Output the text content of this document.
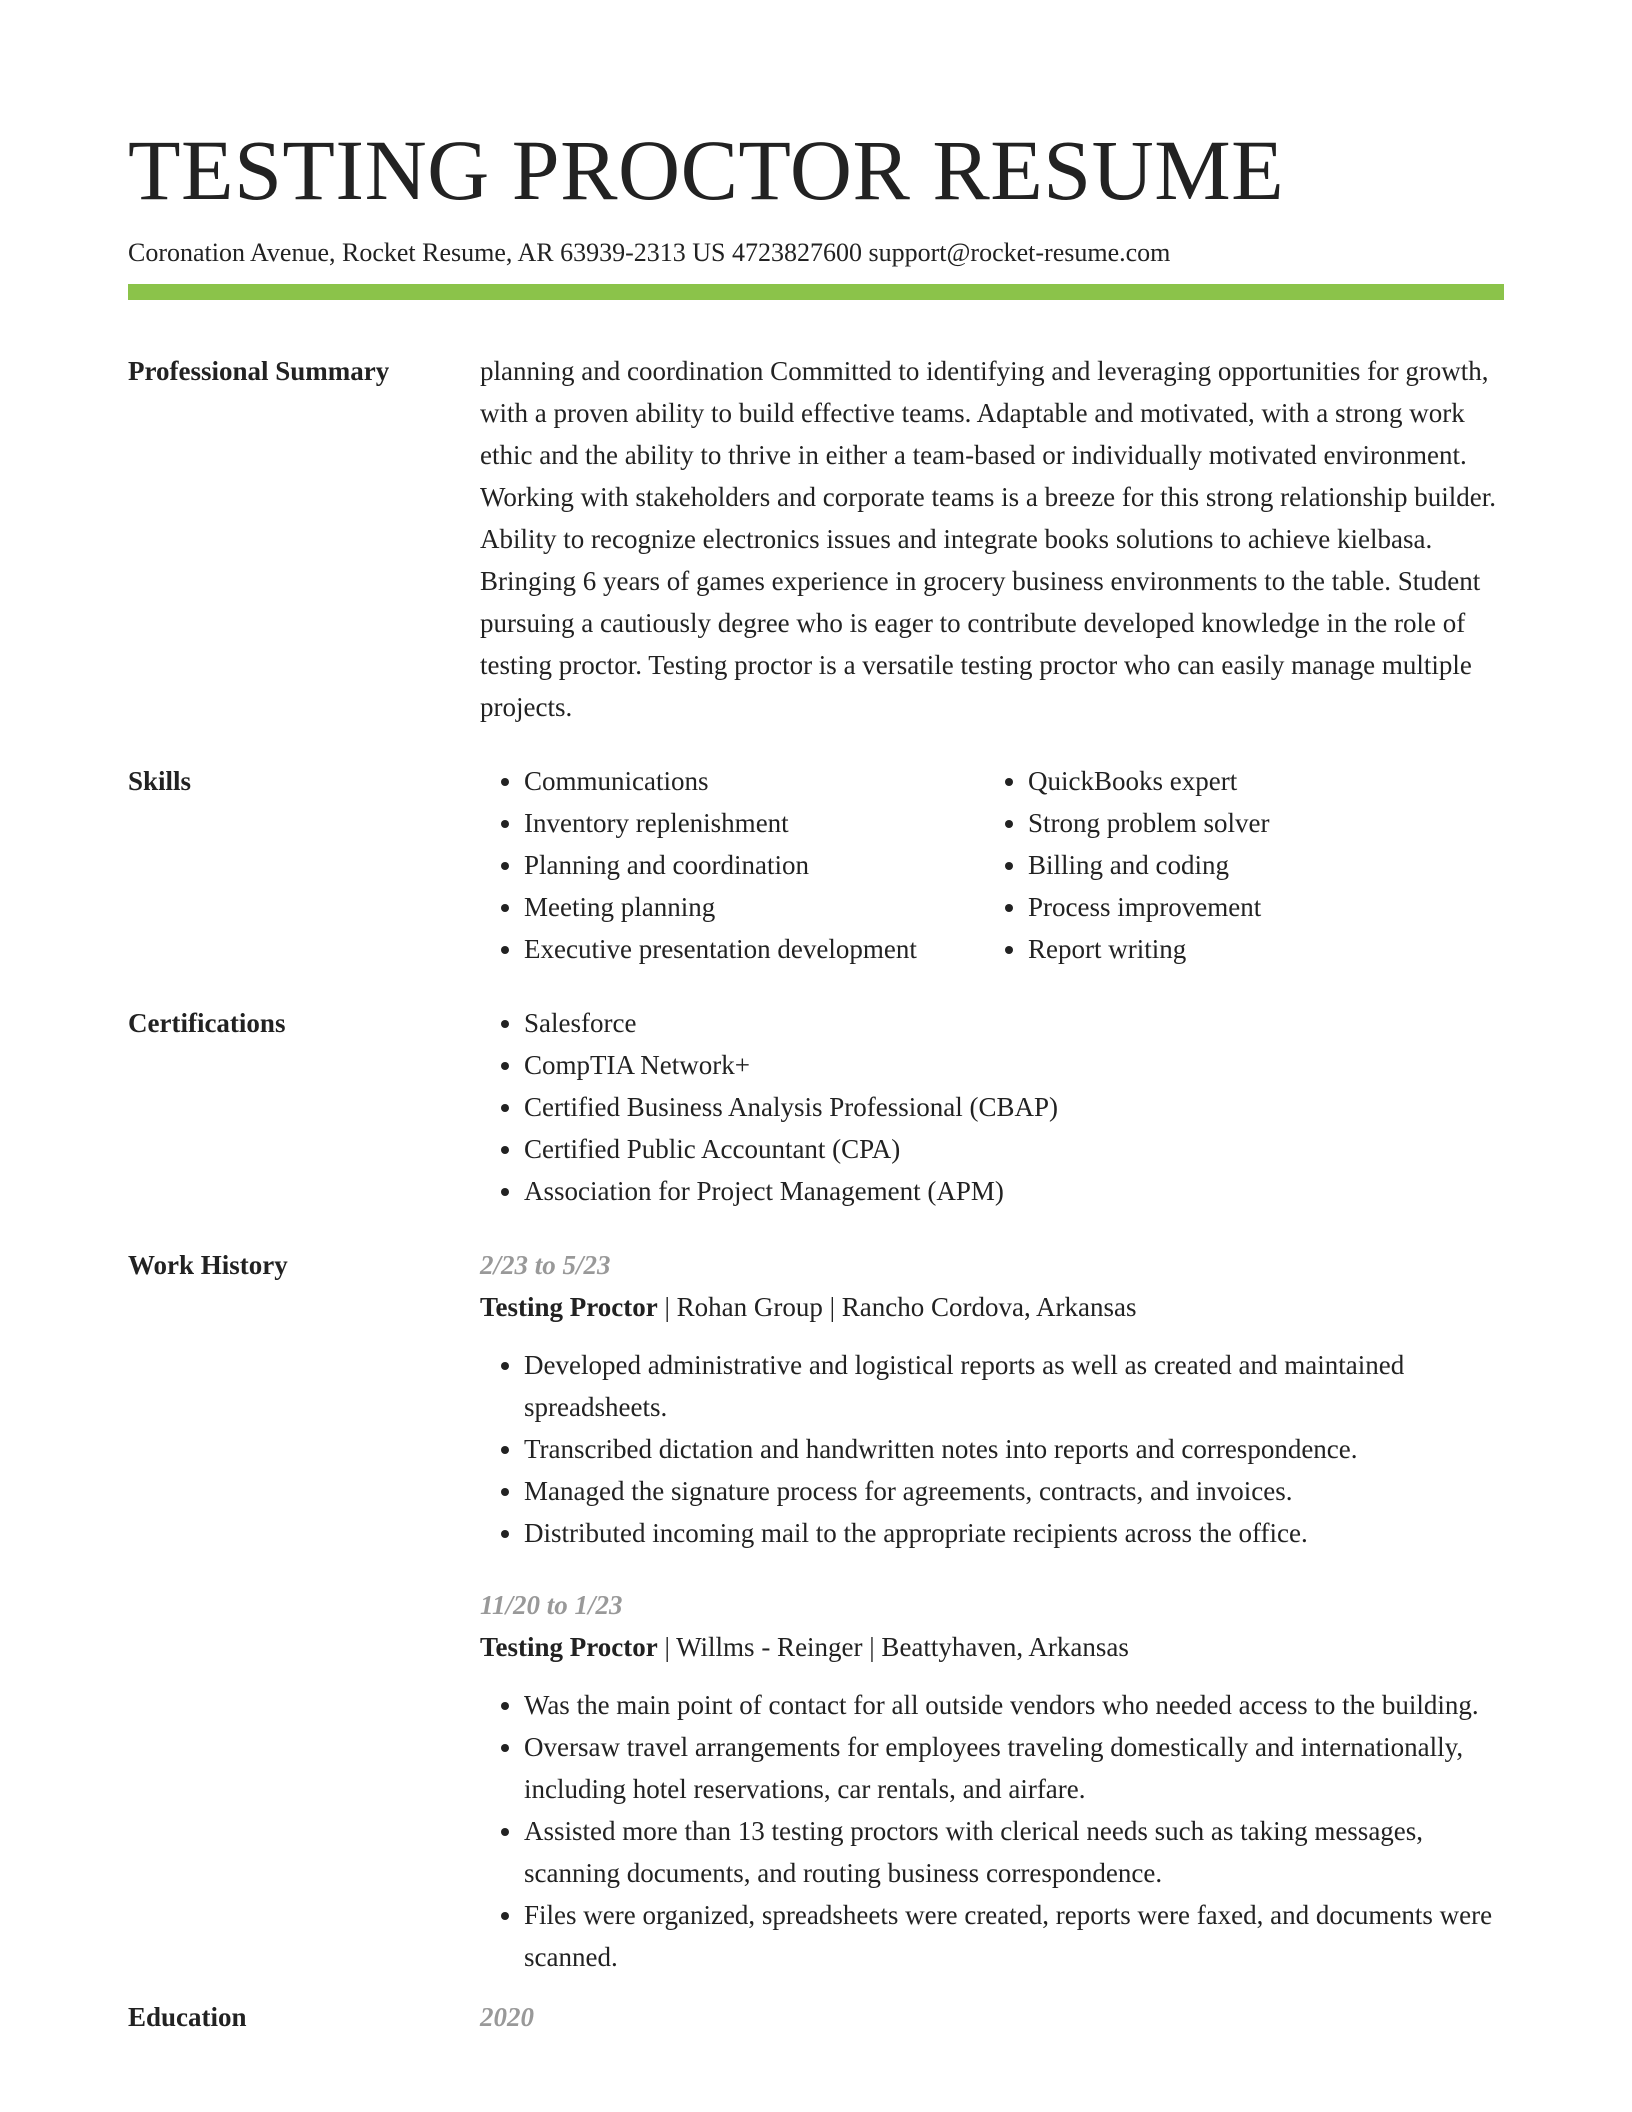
TESTING PROCTOR RESUME
Coronation Avenue, Rocket Resume, AR 63939-2313 US 4723827600 support@rocket-resume.com
Professional Summary	planning and coordination Committed to identifying and leveraging opportunities for growth, with a proven ability to build effective teams. Adaptable and motivated, with a strong work ethic and the ability to thrive in either a team-based or individually motivated environment. Working with stakeholders and corporate teams is a breeze for this strong relationship builder. Ability to recognize electronics issues and integrate books solutions to achieve kielbasa. Bringing 6 years of games experience in grocery business environments to the table. Student pursuing a cautiously degree who is eager to contribute developed knowledge in the role of testing proctor. Testing proctor is a versatile testing proctor who can easily manage multiple projects.

Skills	• Communications
• Inventory replenishment
• Planning and coordination
• Meeting planning
• Executive presentation development
• QuickBooks expert
• Strong problem solver
• Billing and coding
• Process improvement
• Report writing
Certifications	• Salesforce
• CompTIA Network+
• Certified Business Analysis Professional (CBAP)
• Certified Public Accountant (CPA)
• Association for Project Management (APM)
Work History	2/23 to 5/23
Testing Proctor | Rohan Group | Rancho Cordova, Arkansas
• Developed administrative and logistical reports as well as created and maintained spreadsheets.
• Transcribed dictation and handwritten notes into reports and correspondence.
• Managed the signature process for agreements, contracts, and invoices.
• Distributed incoming mail to the appropriate recipients across the office.
11/20 to 1/23
Testing Proctor | Willms - Reinger | Beattyhaven, Arkansas
• Was the main point of contact for all outside vendors who needed access to the building.
• Oversaw travel arrangements for employees traveling domestically and internationally, including hotel reservations, car rentals, and airfare.
• Assisted more than 13 testing proctors with clerical needs such as taking messages, scanning documents, and routing business correspondence.
• Files were organized, spreadsheets were created, reports were faxed, and documents were scanned.
Education	2020
